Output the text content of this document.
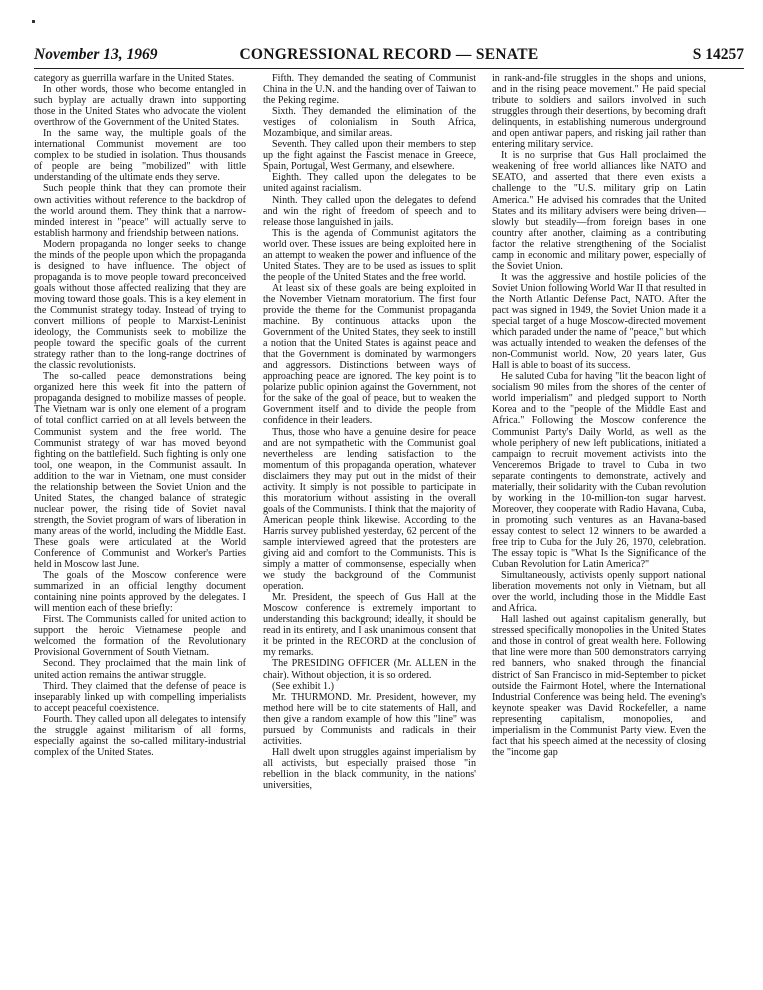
November 13, 1969	CONGRESSIONAL RECORD — SENATE	S 14257

category as guerrilla warfare in the United States.

In other words, those who become entangled in such byplay are actually drawn into supporting those in the United States who advocate the violent overthrow of the Government of the United States.

In the same way, the multiple goals of the international Communist movement are too complex to be studied in isolation. Thus thousands of people are being "mobilized" with little understanding of the ultimate ends they serve.

Such people think that they can promote their own activities without reference to the backdrop of the world around them. They think that a narrow-minded interest in "peace" will actually serve to establish harmony and friendship between nations.

Modern propaganda no longer seeks to change the minds of the people upon which the propaganda is designed to have influence. The object of propaganda is to move people toward preconceived goals without those affected realizing that they are moving toward those goals. This is a key element in the Communist strategy today. Instead of trying to convert millions of people to Marxist-Leninist ideology, the Communists seek to mobilize the people toward the specific goals of the current strategy rather than to the long-range doctrines of the classic revolutionists.

The so-called peace demonstrations being organized here this week fit into the pattern of propaganda designed to mobilize masses of people. The Vietnam war is only one element of a program of total conflict carried on at all levels between the Communist system and the free world. The Communist strategy of war has moved beyond fighting on the battlefield. Such fighting is only one tool, one weapon, in the Communist assault. In addition to the war in Vietnam, one must consider the relationship between the Soviet Union and the United States, the changed balance of strategic nuclear power, the rising tide of Soviet naval strength, the Soviet program of wars of liberation in many areas of the world, including the Middle East. These goals were articulated at the World Conference of Communist and Worker's Parties held in Moscow last June.

The goals of the Moscow conference were summarized in an official lengthy document containing nine points approved by the delegates. I will mention each of these briefly:

First. The Communists called for united action to support the heroic Vietnamese people and welcomed the formation of the Revolutionary Provisional Government of South Vietnam.

Second. They proclaimed that the main link of united action remains the antiwar struggle.

Third. They claimed that the defense of peace is inseparably linked up with compelling imperialists to accept peaceful coexistence.

Fourth. They called upon all delegates to intensify the struggle against militarism of all forms, especially against the so-called military-industrial complex of the United States.

Fifth. They demanded the seating of Communist China in the U.N. and the handing over of Taiwan to the Peking regime.

Sixth. They demanded the elimination of the vestiges of colonialism in South Africa, Mozambique, and similar areas.

Seventh. They called upon their members to step up the fight against the Fascist menace in Greece, Spain, Portugal, West Germany, and elsewhere.

Eighth. They called upon the delegates to be united against racialism.

Ninth. They called upon the delegates to defend and win the right of freedom of speech and to release those languished in jails.

This is the agenda of Communist agitators the world over. These issues are being exploited here in an attempt to weaken the power and influence of the United States. They are to be used as issues to split the people of the United States and the free world.

At least six of these goals are being exploited in the November Vietnam moratorium. The first four provide the theme for the Communist propaganda machine. By continuous attacks upon the Government of the United States, they seek to instill a notion that the United States is against peace and that the Government is dominated by warmongers and aggressors. Distinctions between ways of approaching peace are ignored. The key point is to polarize public opinion against the Government, not for the sake of the goal of peace, but to weaken the Government itself and to divide the people from confidence in their leaders.

Thus, those who have a genuine desire for peace and are not sympathetic with the Communist goal nevertheless are lending satisfaction to the momentum of this propaganda operation, whatever disclaimers they may put out in the midst of their activity. It simply is not possible to participate in this moratorium without assisting in the overall goals of the Communists. I think that the majority of American people think likewise. According to the Harris survey published yesterday, 62 percent of the sample interviewed agreed that the protesters are giving aid and comfort to the Communists. This is simply a matter of commonsense, especially when we study the background of the Communist operation.

Mr. President, the speech of Gus Hall at the Moscow conference is extremely important to understanding this background; ideally, it should be read in its entirety, and I ask unanimous consent that it be printed in the RECORD at the conclusion of my remarks.

The PRESIDING OFFICER (Mr. ALLEN in the chair). Without objection, it is so ordered.

(See exhibit 1.)

Mr. THURMOND. Mr. President, however, my method here will be to cite statements of Hall, and then give a random example of how this "line" was pursued by Communists and radicals in their activities.

Hall dwelt upon struggles against imperialism by all activists, but especially praised those "in rebellion in the black community, in the nations' universities,

in rank-and-file struggles in the shops and unions, and in the rising peace movement." He paid special tribute to soldiers and sailors involved in such struggles through their desertions, by becoming draft delinquents, in establishing numerous underground and open antiwar papers, and risking jail rather than entering military service.

It is no surprise that Gus Hall proclaimed the weakening of free world alliances like NATO and SEATO, and asserted that there even exists a challenge to the "U.S. military grip on Latin America." He advised his comrades that the United States and its military advisers were being driven—slowly but steadily—from foreign bases in one country after another, claiming as a contributing factor the relative strengthening of the Socialist camp in economic and military power, especially of the Soviet Union.

It was the aggressive and hostile policies of the Soviet Union following World War II that resulted in the North Atlantic Defense Pact, NATO. After the pact was signed in 1949, the Soviet Union made it a special target of a huge Moscow-directed movement which paraded under the name of "peace," but which was actually intended to weaken the defenses of the non-Communist world. Now, 20 years later, Gus Hall is able to boast of its success.

He saluted Cuba for having "lit the beacon light of socialism 90 miles from the shores of the center of world imperialism" and pledged support to North Korea and to the "people of the Middle East and Africa." Following the Moscow conference the Communist Party's Daily World, as well as the whole periphery of new left publications, initiated a campaign to recruit movement activists into the Venceremos Brigade to travel to Cuba in two separate contingents to demonstrate, actively and materially, their solidarity with the Cuban revolution by working in the 10-million-ton sugar harvest. Moreover, they cooperate with Radio Havana, Cuba, in promoting such ventures as an Havana-based essay contest to select 12 winners to be awarded a free trip to Cuba for the July 26, 1970, celebration. The essay topic is "What Is the Significance of the Cuban Revolution for Latin America?"

Simultaneously, activists openly support national liberation movements not only in Vietnam, but all over the world, including those in the Middle East and Africa.

Hall lashed out against capitalism generally, but stressed specifically monopolies in the United States and those in control of great wealth here. Following that line were more than 500 demonstrators carrying red banners, who snaked through the financial district of San Francisco in mid-September to picket outside the Fairmont Hotel, where the International Industrial Conference was being held. The evening's keynote speaker was David Rockefeller, a name representing capitalism, monopolies, and imperialism in the Communist Party view. Even the fact that his speech aimed at the necessity of closing the "income gap
